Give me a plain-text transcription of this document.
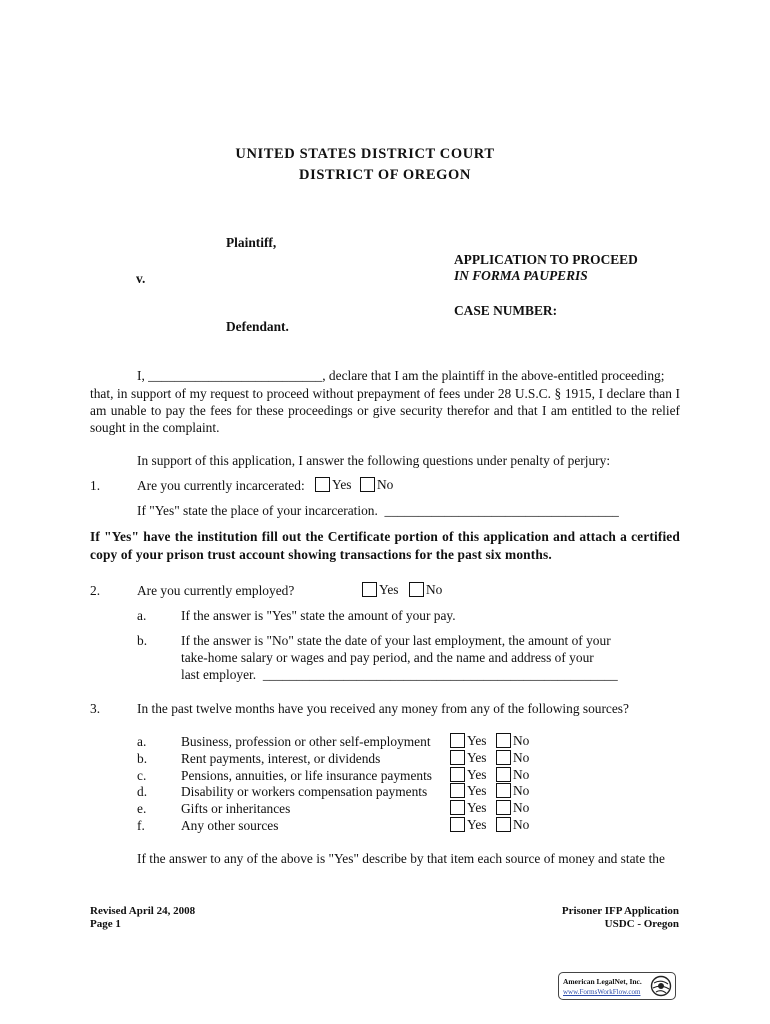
UNITED STATES DISTRICT COURT
DISTRICT OF OREGON
Plaintiff,
v.
Defendant.
APPLICATION TO PROCEED
IN FORMA PAUPERIS
CASE NUMBER:
I, __________________________, declare that I am the plaintiff in the above-entitled proceeding;
that, in support of my request to proceed without prepayment of fees under 28 U.S.C. § 1915, I declare than I am unable to pay the fees for these proceedings or give security therefor and that I am entitled to the relief sought in the complaint.
In support of this application, I answer the following questions under penalty of perjury:
1.	Are you currently incarcerated:	Yes	No
If "Yes" state the place of your incarceration.  ___________________________________
If "Yes" have the institution fill out the Certificate portion of this application and attach a certified copy of your prison trust account showing transactions for the past six months.
2.	Are you currently employed?	Yes	No
a.	If the answer is "Yes" state the amount of your pay.
b.	If the answer is "No" state the date of your last employment, the amount of your
take-home salary or wages and pay period, and the name and address of your
last employer.  _____________________________________________________
3.	In the past twelve months have you received any money from any of the following sources?
a.	Business, profession or other self-employment	Yes	No
b.	Rent payments, interest, or dividends	Yes	No
c.	Pensions, annuities, or life insurance payments	Yes	No
d.	Disability or workers compensation payments	Yes	No
e.	Gifts or inheritances	Yes	No
f.	Any other sources	Yes	No
If the answer to any of the above is "Yes" describe by that item each source of money and state the
Revised April 24, 2008
Page 1
Prisoner IFP Application
USDC - Oregon
American LegalNet, Inc.
www.FormsWorkFlow.com
